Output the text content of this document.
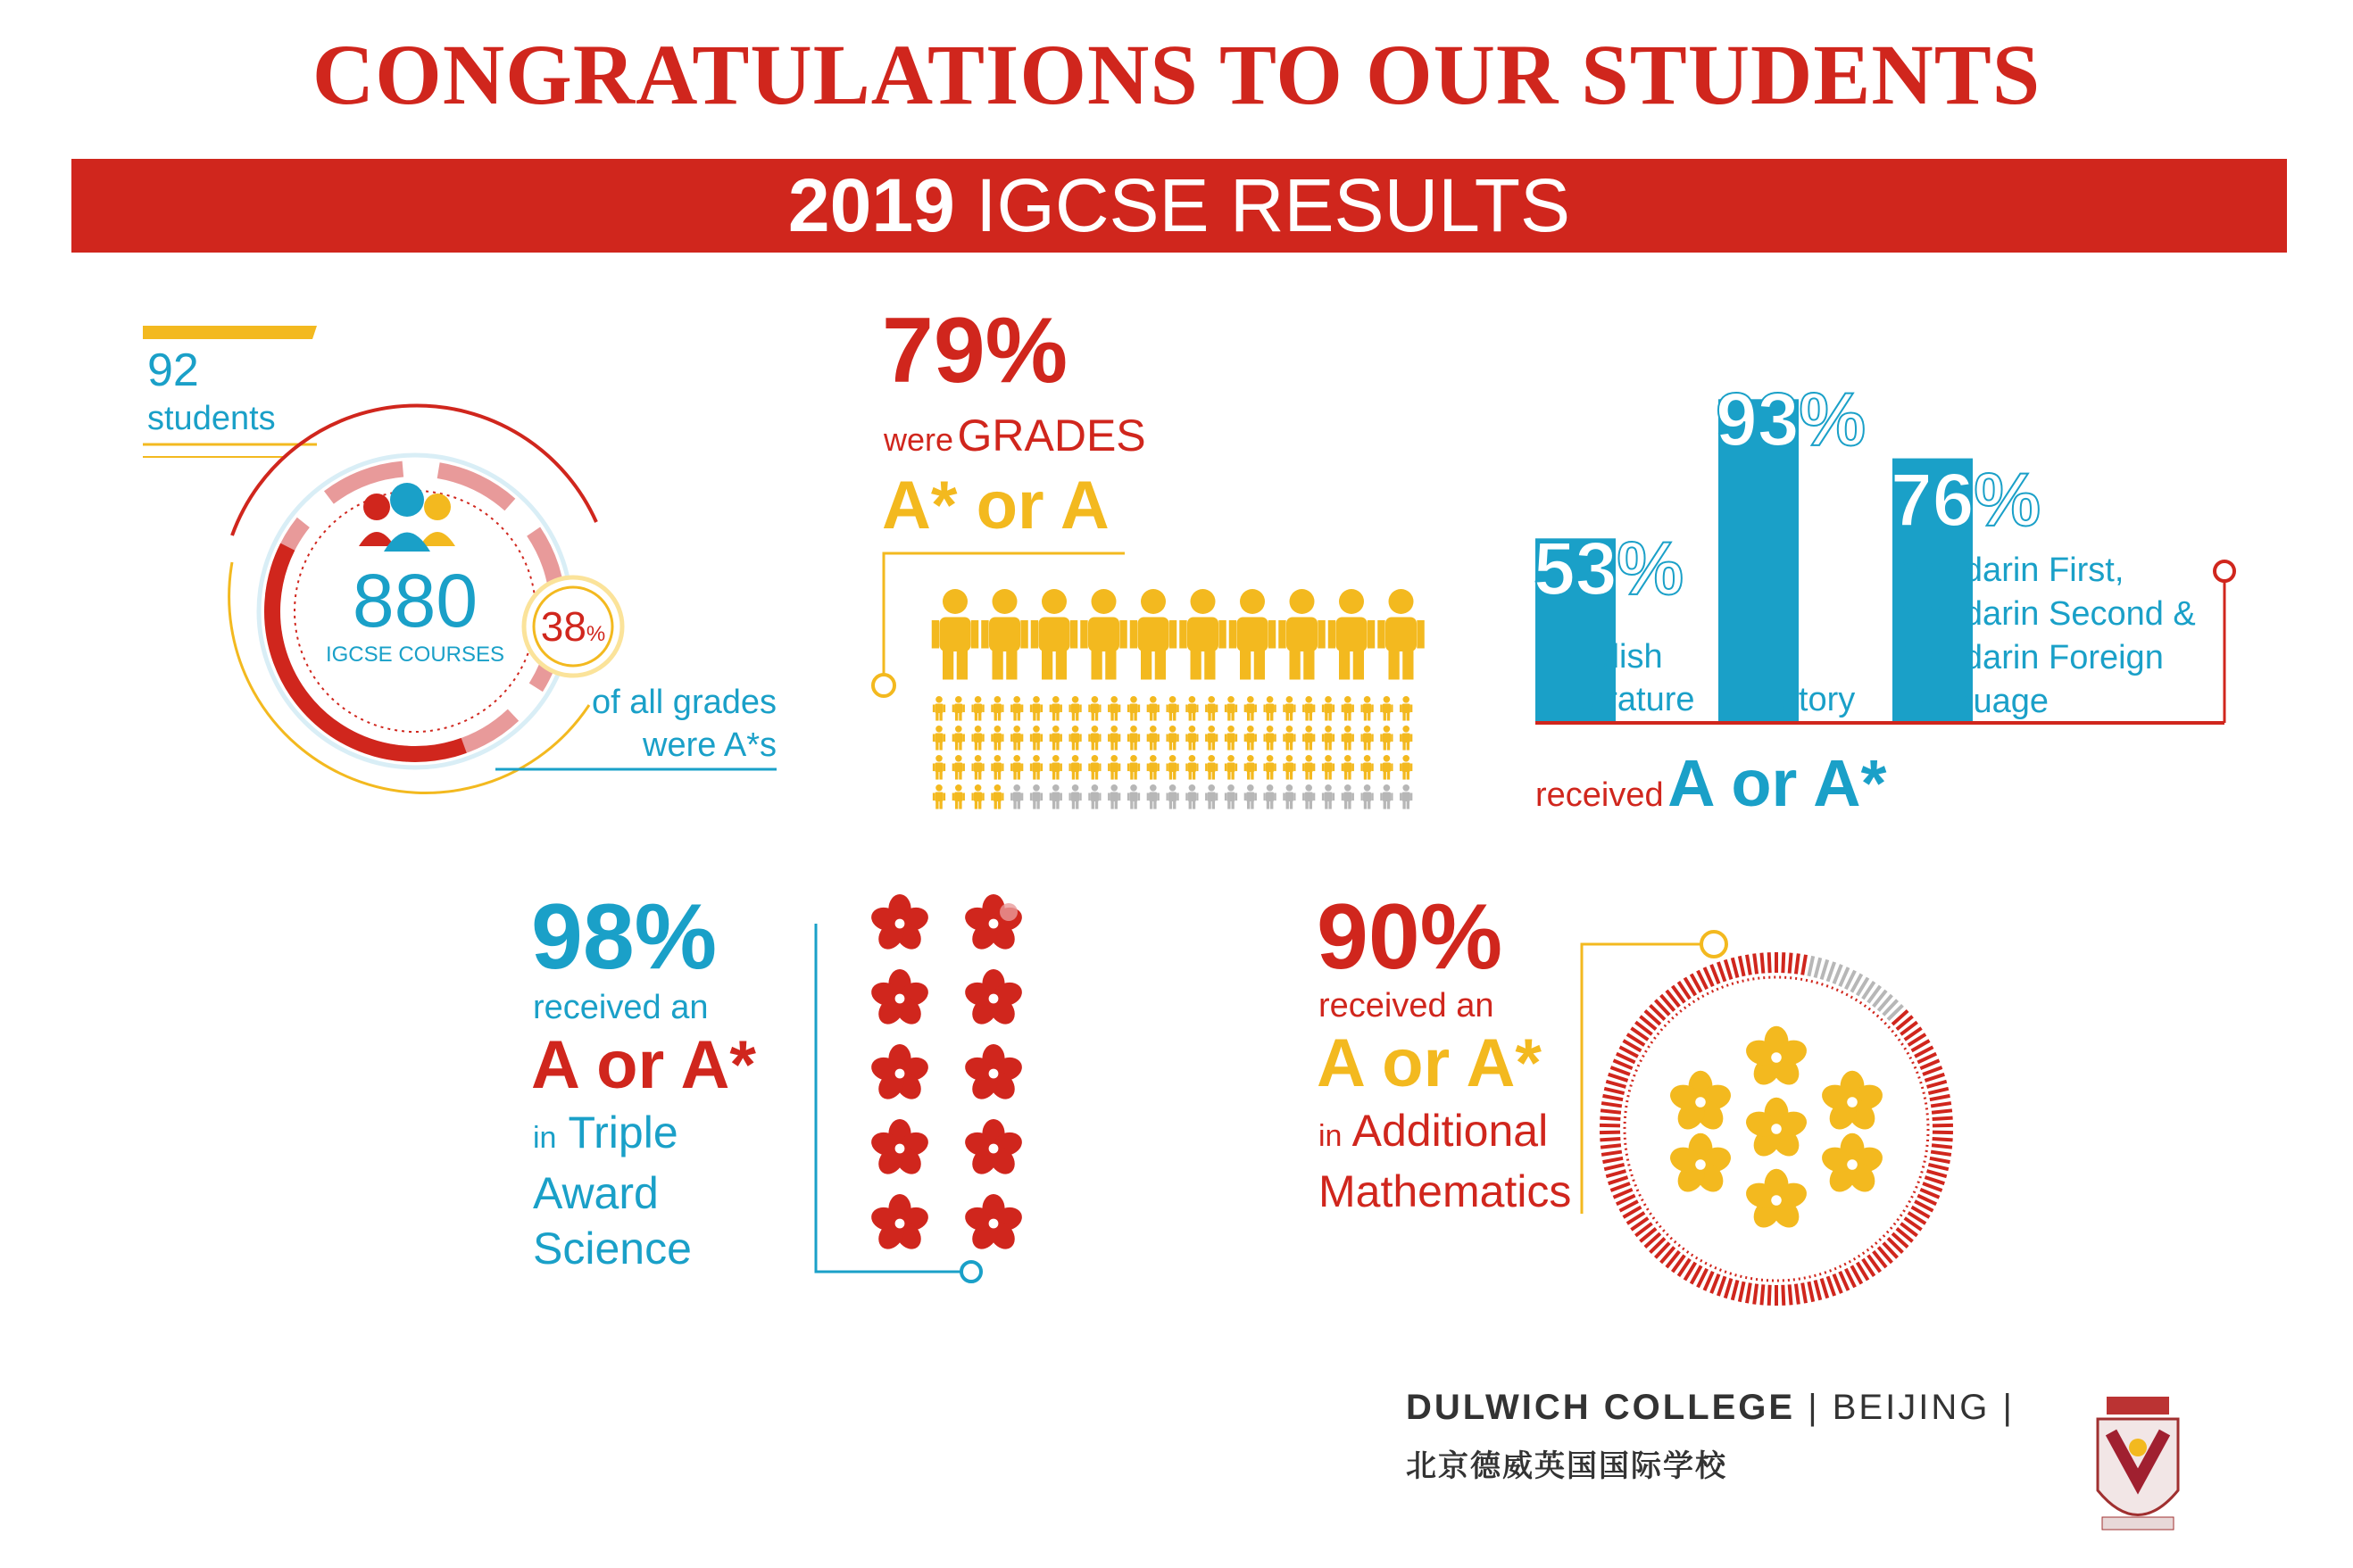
CONGRATULATIONS TO OUR STUDENTS
2019 IGCSE RESULTS
92
students
880
IGCSE COURSES
38%
of all grades
were A*s
79%
were GRADES
A* or A
53%
English
Literature
93%
History
76%
Mandarin First,
Mandarin Second &
Mandarin Foreign
Language
received A or A*
98%
received an
A or A*
in Triple
Award
Science
90%
received an
A or A*
in Additional
Mathematics
DULWICH COLLEGE | BEIJING |
北京德威英国国际学校
